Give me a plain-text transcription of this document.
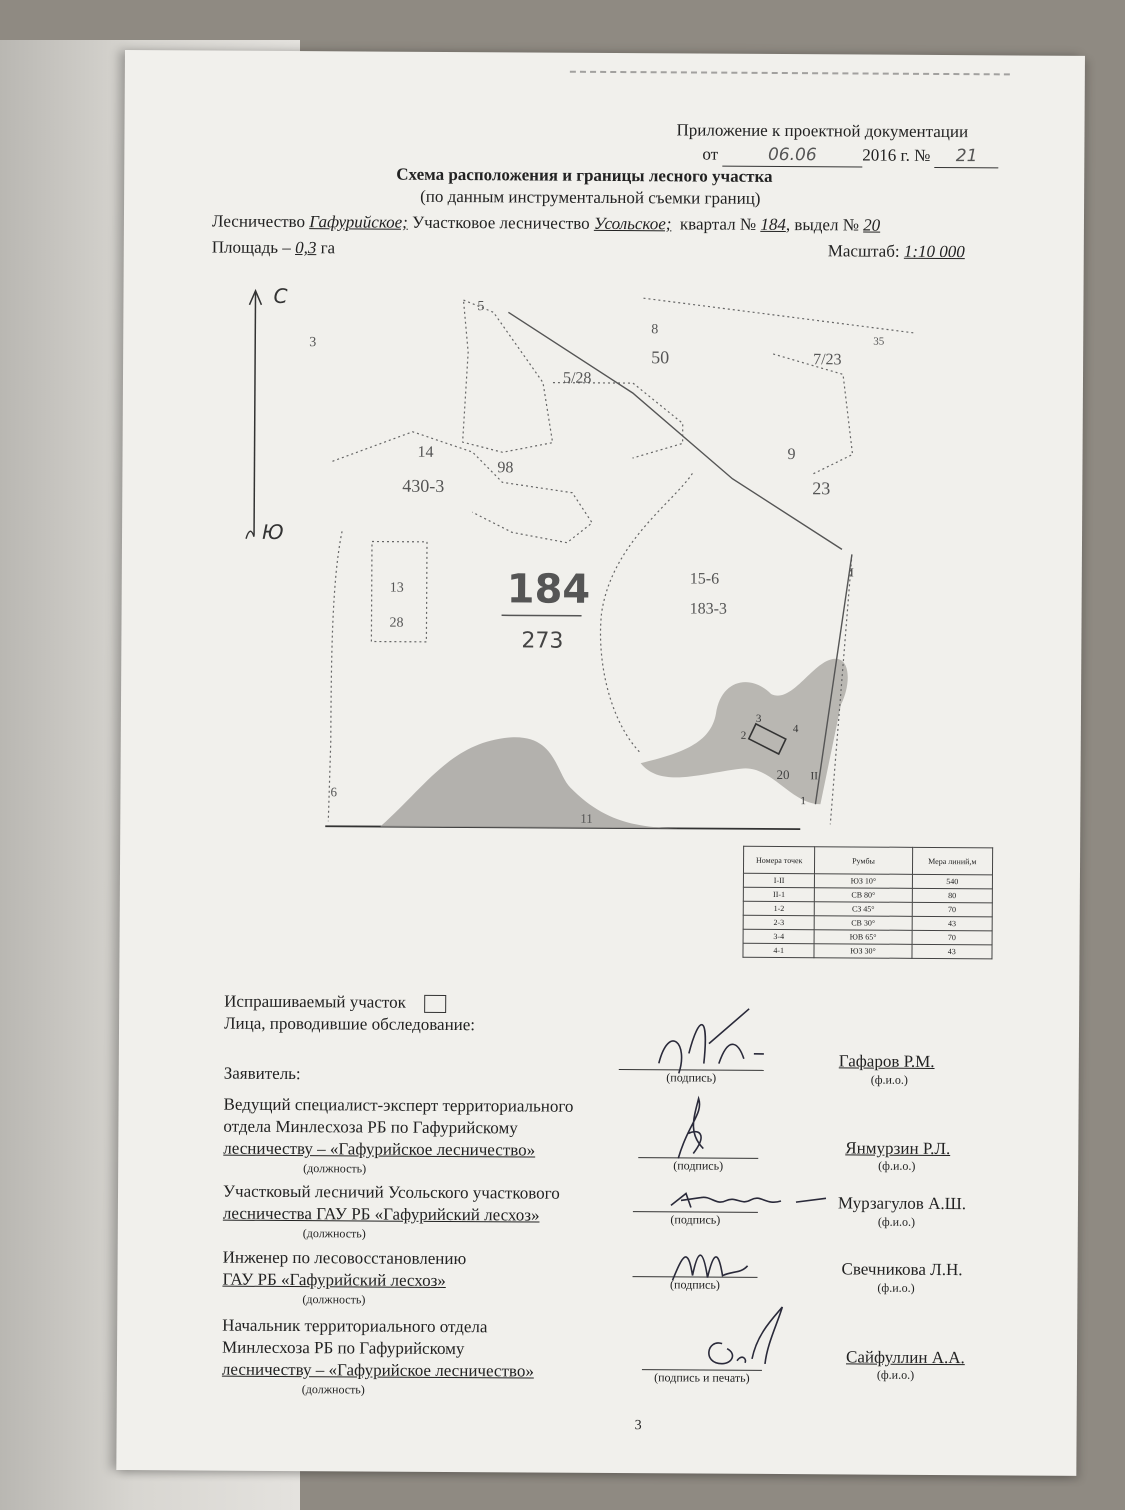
Приложение к проектной документации
от	06.06	2016 г. № 21
Схема расположения и границы лесного участка
(по данным инструментальной съемки границ)
Лесничество Гафурийское; Участковое лесничество Усольское; квартал № 184, выдел № 20
Площадь – 0,3 га	Масштаб: 1:10 000
С
Ю
3
5
8
50
5/28
7/23
9
23
14
430-3
98
15-6
183-3
13
28
20
35
I
II
1
2
3
4
6
11
184
273
Номера точек	Румбы	Мера линий,м
I-II	ЮЗ 10°	540
II-1	СВ 80°	80
1-2	СЗ 45°	70
2-3	СВ 30°	43
3-4	ЮВ 65°	70
4-1	ЮЗ 30°	43
Испрашиваемый участок
Лица, проводившие обследование:
Заявитель:	(подпись)
Гафаров Р.М.
(ф.и.о.)
Ведущий специалист-эксперт территориального
отдела Минлесхоза РБ по Гафурийскому
лесничеству – «Гафурийское лесничество»
(должность)	(подпись)
Янмурзин Р.Л.
(ф.и.о.)
Участковый лесничий Усольского участкового
лесничества ГАУ РБ «Гафурийский лесхоз»
(должность)
(подпись)
Мурзагулов А.Ш.
(ф.и.о.)
Инженер по лесовосстановлению
ГАУ РБ «Гафурийский лесхоз»
(должность)
(подпись)
Свечникова Л.Н.
(ф.и.о.)
Начальник территориального отдела
Минлесхоза РБ по Гафурийскому
лесничеству – «Гафурийское лесничество»
(должность)
(подпись и печать)
Сайфуллин А.А.
(ф.и.о.)
3
